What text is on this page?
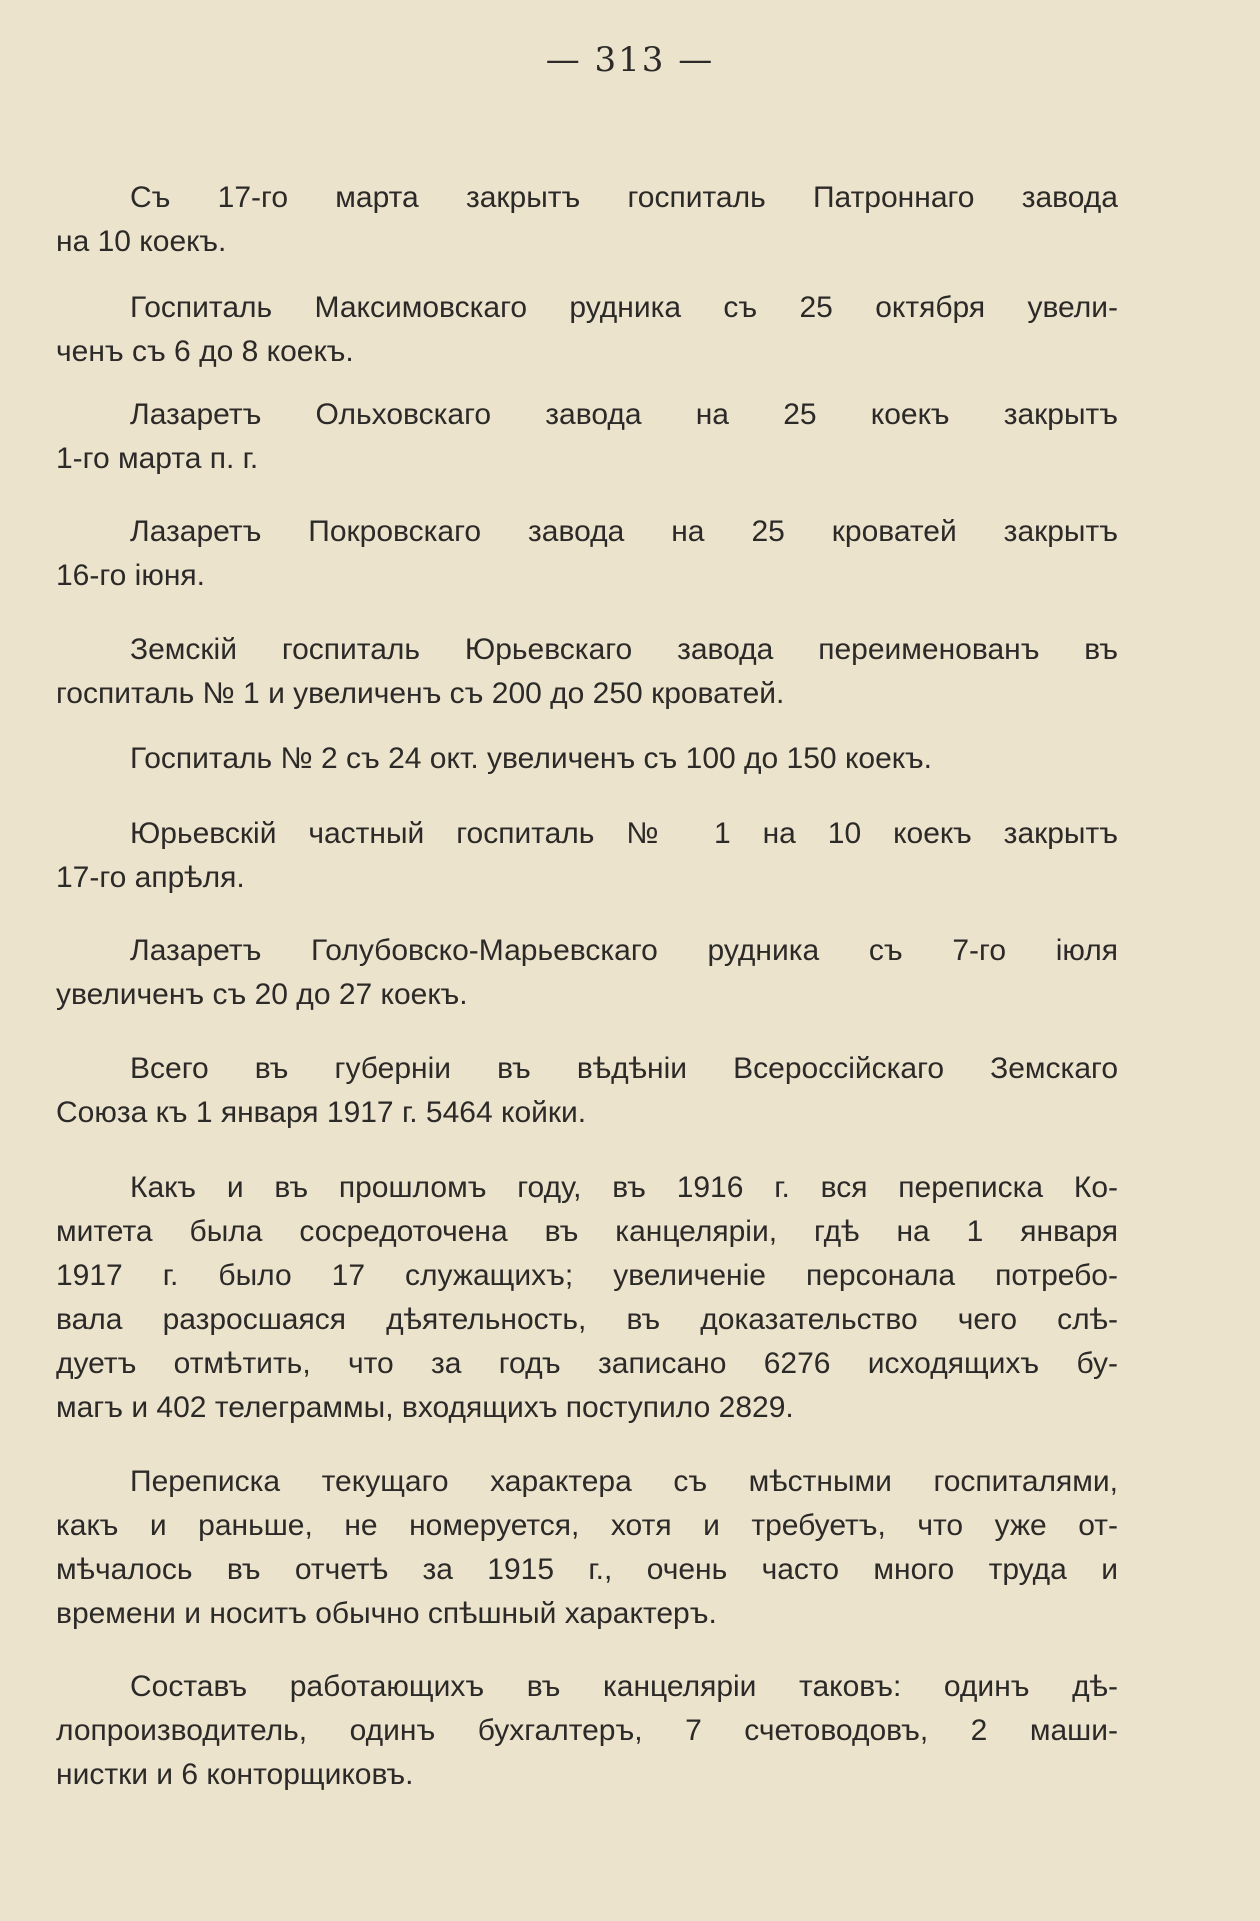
— 313 —
Съ 17-го марта закрытъ госпиталь Патроннаго завода
на 10 коекъ.
Госпиталь Максимовскаго рудника съ 25 октября увели-
ченъ съ 6 до 8 коекъ.
Лазаретъ Ольховскаго завода на 25 коекъ закрытъ
1-го марта п. г.
Лазаретъ Покровскаго завода на 25 кроватей закрытъ
16-го іюня.
Земскій госпиталь Юрьевскаго завода переименованъ въ
госпиталь № 1 и увеличенъ съ 200 до 250 кроватей.
Госпиталь № 2 съ 24 окт. увеличенъ съ 100 до 150 коекъ.
Юрьевскій частный госпиталь № 1 на 10 коекъ закрытъ
17-го апрѣля.
Лазаретъ Голубовско-Марьевскаго рудника съ 7-го іюля
увеличенъ съ 20 до 27 коекъ.
Всего въ губерніи въ вѣдѣніи Всероссійскаго Земскаго
Союза къ 1 января 1917 г. 5464 койки.
Какъ и въ прошломъ году, въ 1916 г. вся переписка Ко-
митета была сосредоточена въ канцеляріи, гдѣ на 1 января
1917 г. было 17 служащихъ; увеличеніе персонала потребо-
вала разросшаяся дѣятельность, въ доказательство чего слѣ-
дуетъ отмѣтить, что за годъ записано 6276 исходящихъ бу-
магъ и 402 телеграммы, входящихъ поступило 2829.
Переписка текущаго характера съ мѣстными госпиталями,
какъ и раньше, не номеруется, хотя и требуетъ, что уже от-
мѣчалось въ отчетѣ за 1915 г., очень часто много труда и
времени и носитъ обычно спѣшный характеръ.
Составъ работающихъ въ канцеляріи таковъ: одинъ дѣ-
лопроизводитель, одинъ бухгалтеръ, 7 счетоводовъ, 2 маши-
нистки и 6 конторщиковъ.
